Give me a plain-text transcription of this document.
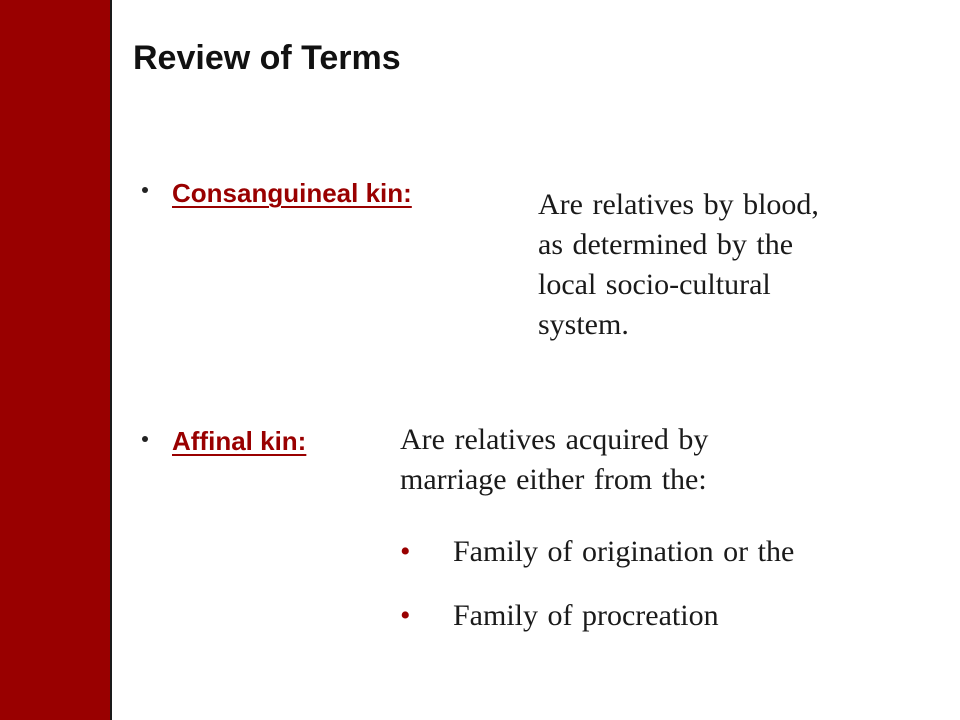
Review of Terms
Consanguineal kin:	Are relatives by blood,
as determined by the
local socio-cultural
system.
Affinal kin:	Are relatives acquired by
marriage either from the:
• Family of origination or the
• Family of procreation
